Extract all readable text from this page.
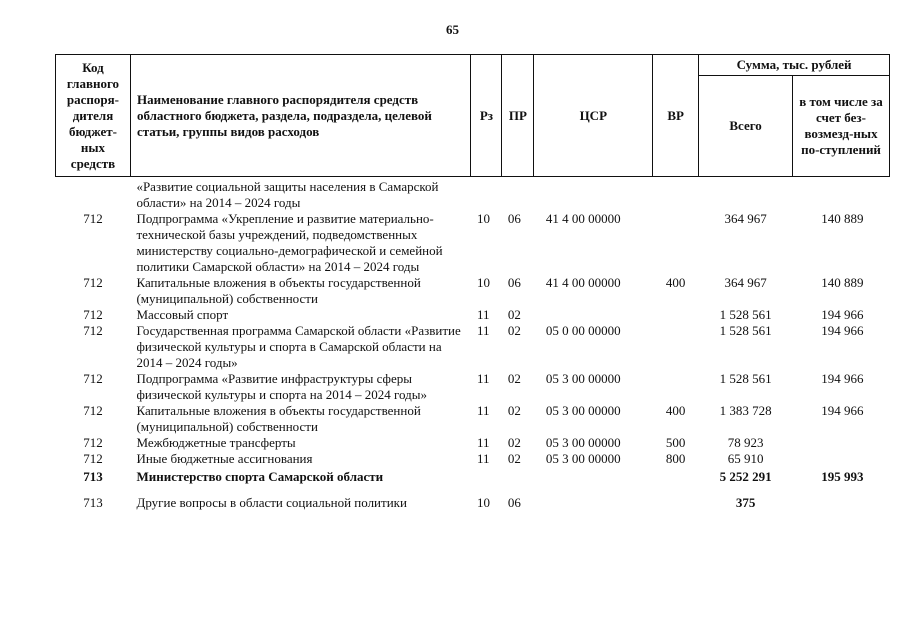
65
Код главного распоря-дителя бюджет-ных средств	Наименование главного распорядителя средств областного бюджета, раздела, подраздела, целевой статьи, группы видов расходов	Рз	ПР	ЦСР	ВР	Сумма, тыс. рублей	
						Всего	в том числе за счет без-возмезд-ных по-ступлений
	«Развитие социальной защиты населения в Самарской области» на 2014 – 2024 годы						
712	Подпрограмма «Укрепление и развитие материально-технической базы учреждений, подведомственных министерству социально-демографической и семейной политики Самарской области» на 2014 – 2024 годы	10	06	41 4 00 00000		364 967	140 889
712	Капитальные вложения в объекты государственной (муниципальной) собственности	10	06	41 4 00 00000	400	364 967	140 889
712	Массовый спорт	11	02			1 528 561	194 966
712	Государственная программа Самарской области «Развитие физической культуры и спорта в Самарской области на 2014 – 2024 годы»	11	02	05 0 00 00000		1 528 561	194 966
712	Подпрограмма «Развитие инфраструктуры сферы физической культуры и спорта на 2014 – 2024 годы»	11	02	05 3 00 00000		1 528 561	194 966
712	Капитальные вложения в объекты государственной (муниципальной) собственности	11	02	05 3 00 00000	400	1 383 728	194 966
712	Межбюджетные трансферты	11	02	05 3 00 00000	500	78 923	
712	Иные бюджетные ассигнования	11	02	05 3 00 00000	800	65 910	
713	Министерство спорта Самарской области					5 252 291	195 993
713	Другие вопросы в области социальной политики	10	06			375	
